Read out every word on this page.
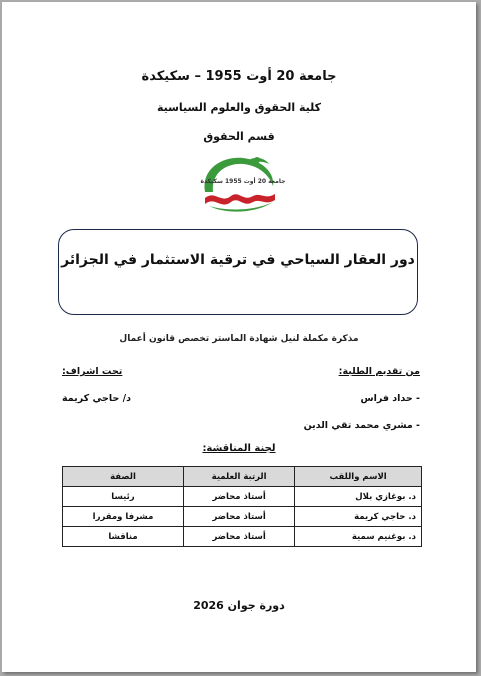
جامعة 20 أوت 1955 – سكيكدة
كلية الحقوق والعلوم السياسية
قسم الحقوق
جامعة 20 أوت 1955 سكيكدة
دور العقار السياحي في ترقية الاستثمار في الجزائر
مذكرة مكملة لنيل شهادة الماستر تخصص قانون أعمال
من تقديم الطلبة:
- حداد فراس
- مشري محمد تقي الدين
تحت اشراف:
د/ حاجي كريمة
لجنة المناقشة:
الاسم واللقب	الرتبة العلمية	الصفة
د. بوغازي بلال	أستاذ محاضر	رئيسا
د. حاجي كريمة	أستاذ محاضر	مشرفا ومقررا
د. بوغنيم سمية	أستاذ محاضر	مناقشا
دورة جوان 2026
